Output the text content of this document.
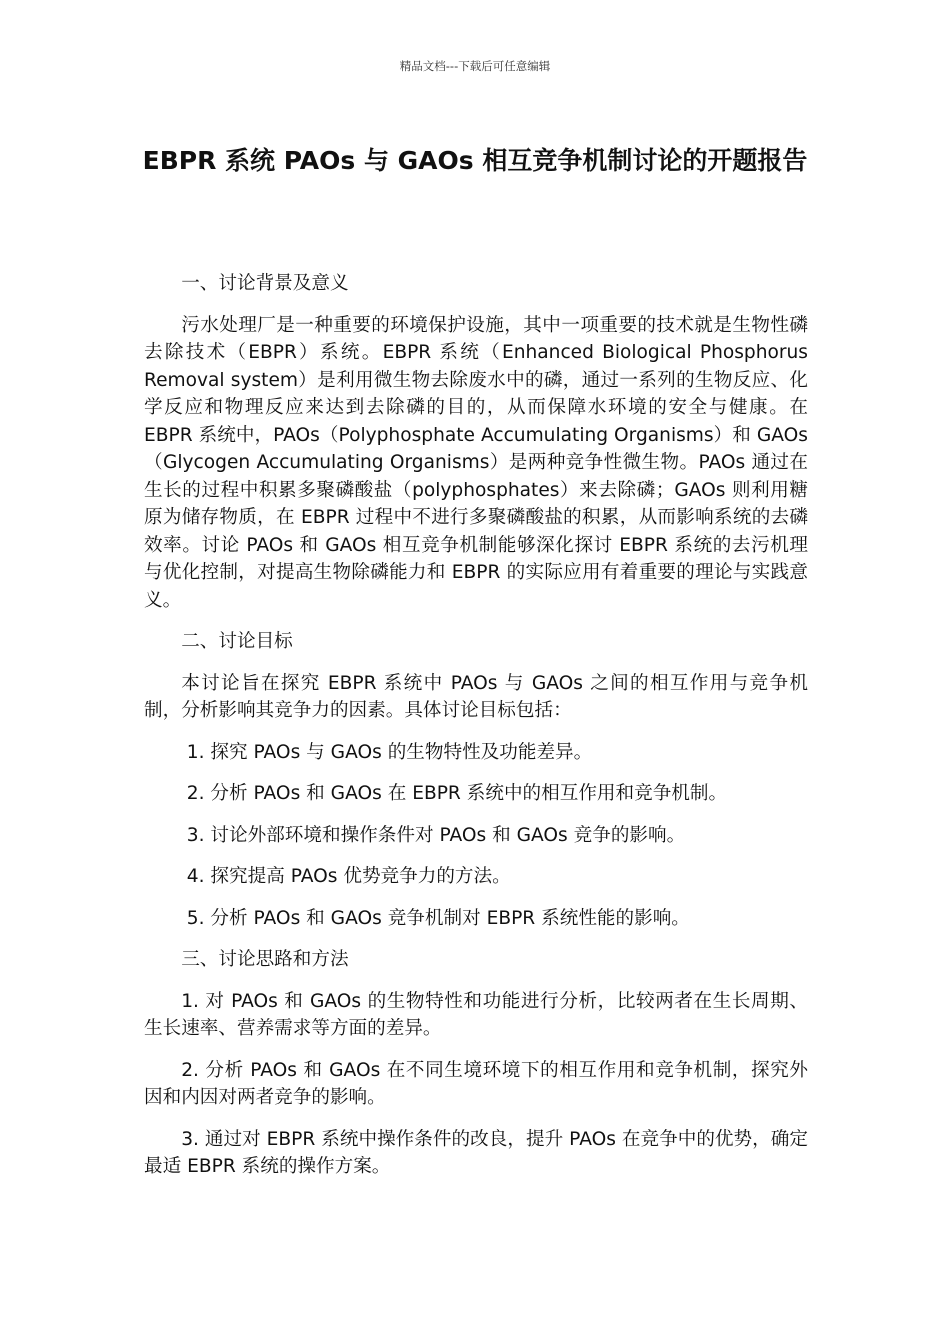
精品文档---下载后可任意编辑
EBPR 系统 PAOs 与 GAOs 相互竞争机制讨论的开题报告

一、讨论背景及意义

污水处理厂是一种重要的环境保护设施，其中一项重要的技术就是生物性磷去除技术（EBPR）系统。EBPR 系统（Enhanced Biological Phosphorus Removal system）是利用微生物去除废水中的磷，通过一系列的生物反应、化学反应和物理反应来达到去除磷的目的，从而保障水环境的安全与健康。在 EBPR 系统中，PAOs（Polyphosphate Accumulating Organisms）和 GAOs（Glycogen Accumulating Organisms）是两种竞争性微生物。PAOs 通过在生长的过程中积累多聚磷酸盐（polyphosphates）来去除磷；GAOs 则利用糖原为储存物质，在 EBPR 过程中不进行多聚磷酸盐的积累，从而影响系统的去磷效率。讨论 PAOs 和 GAOs 相互竞争机制能够深化探讨 EBPR 系统的去污机理与优化控制，对提高生物除磷能力和 EBPR 的实际应用有着重要的理论与实践意义。

二、讨论目标

本讨论旨在探究 EBPR 系统中 PAOs 与 GAOs 之间的相互作用与竞争机制，分析影响其竞争力的因素。具体讨论目标包括：

1. 探究 PAOs 与 GAOs 的生物特性及功能差异。

2. 分析 PAOs 和 GAOs 在 EBPR 系统中的相互作用和竞争机制。

3. 讨论外部环境和操作条件对 PAOs 和 GAOs 竞争的影响。

4. 探究提高 PAOs 优势竞争力的方法。

5. 分析 PAOs 和 GAOs 竞争机制对 EBPR 系统性能的影响。

三、讨论思路和方法

1. 对 PAOs 和 GAOs 的生物特性和功能进行分析，比较两者在生长周期、生长速率、营养需求等方面的差异。

2. 分析 PAOs 和 GAOs 在不同生境环境下的相互作用和竞争机制，探究外因和内因对两者竞争的影响。

3. 通过对 EBPR 系统中操作条件的改良，提升 PAOs 在竞争中的优势，确定最适 EBPR 系统的操作方案。
